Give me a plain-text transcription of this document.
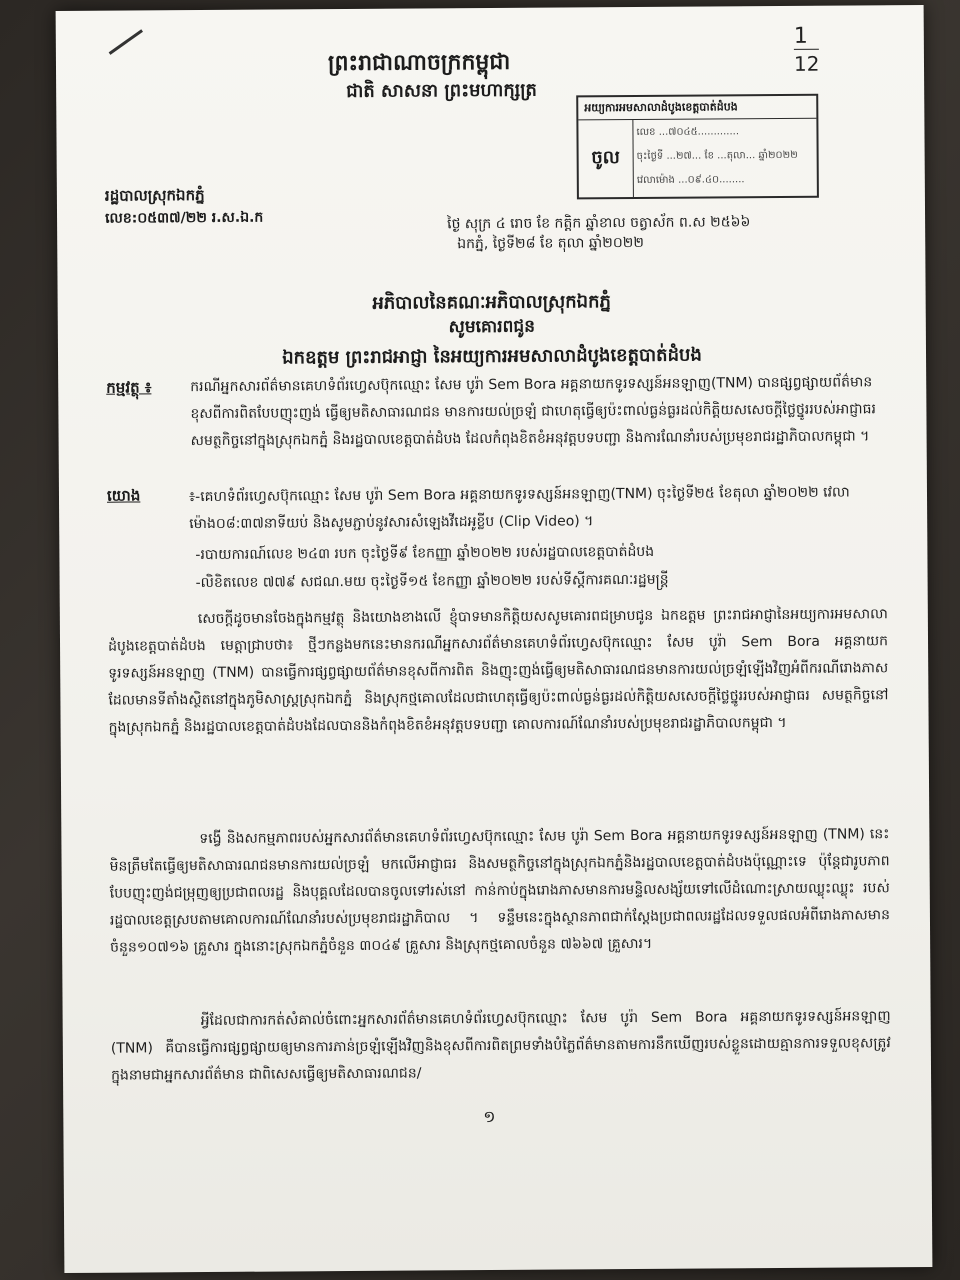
$\frac{1}{12}$
ព្រះរាជាណាចក្រកម្ពុជា
ជាតិ សាសនា ព្រះមហាក្សត្រ
អយ្យការអមសាលាដំបូងខេត្តបាត់ដំបង
ចូល
លេខ ...៧០៤៥.............
ចុះថ្ងៃទី ...២៧... ខែ ...តុលា... ឆ្នាំ២០២២
វេលាម៉ោង ...០៩.៤០........
រដ្ឋបាលស្រុកឯកភ្នំ
លេខ:០៥៣៧/២២ រ.ស.ឯ.ក	ថ្ងៃ សុក្រ ៤ រោច ខែ កត្តិក ឆ្នាំខាល ចត្វាស័ក ព.ស ២៥៦៦
ឯកភ្នំ, ថ្ងៃទី២៨ ខែ តុលា ឆ្នាំ២០២២
អភិបាលនៃគណៈអភិបាលស្រុកឯកភ្នំ
សូមគោរពជូន
ឯកឧត្តម ព្រះរាជអាជ្ញា នៃអយ្យការអមសាលាដំបូងខេត្តបាត់ដំបង
កម្មវត្ថុ ៖	ករណីអ្នកសារព័ត៌មានគេហទំព័រហ្វេសប៊ុកឈ្មោះ សែម បូរ៉ា Sem Bora អគ្គនាយកទូរទស្សន៍អនឡាញ(TNM) បានផ្សព្វផ្សាយព័ត៌មានខុសពីការពិតបែបញុះញង់ ធ្វើឲ្យមតិសាធារណជន មានការយល់ច្រឡំ ជាហេតុធ្វើឲ្យប៉ះពាល់ធ្ងន់ធ្ងរដល់កិត្តិយសសេចក្តីថ្លៃថ្នូររបស់អាជ្ញាធរ សមត្ថកិច្ចនៅក្នុងស្រុកឯកភ្នំ និងរដ្ឋបាលខេត្តបាត់ដំបង ដែលកំពុងខិតខំអនុវត្តបទបញ្ជា និងការណែនាំរបស់ប្រមុខរាជរដ្ឋាភិបាលកម្ពុជា ។
យោង	៖-គេហទំព័រហ្វេសប៊ុកឈ្មោះ សែម បូរ៉ា Sem Bora អគ្គនាយកទូរទស្សន៍អនឡាញ(TNM) ចុះថ្ងៃទី២៥ ខែតុលា ឆ្នាំ២០២២ វេលាម៉ោង០៨:៣៧នាទីយប់ និងសូមភ្ជាប់នូវសារសំឡេងវីដេអូខ្លីប (Clip Video) ។
-របាយការណ៍លេខ ២៤៣ របក ចុះថ្ងៃទី៩ ខែកញ្ញា ឆ្នាំ២០២២ របស់រដ្ឋបាលខេត្តបាត់ដំបង
-លិខិតលេខ ៧៧៩ សជណ.មយ ចុះថ្ងៃទី១៥ ខែកញ្ញា ឆ្នាំ២០២២ របស់ទីស្តីការគណៈរដ្ឋមន្ត្រី
សេចក្តីដូចមានចែងក្នុងកម្មវត្ថុ និងយោងខាងលើ ខ្ញុំបាទមានកិត្តិយសសូមគោរពជម្រាបជូន ឯកឧត្តម ព្រះរាជអាជ្ញានៃអយ្យការអមសាលាដំបូងខេត្តបាត់ដំបង មេត្តាជ្រាបថា៖ ថ្មីៗកន្លងមកនេះមានករណីអ្នកសារព័ត៌មានគេហទំព័រហ្វេសប៊ុកឈ្មោះ សែម បូរ៉ា Sem Bora អគ្គនាយកទូរទស្សន៍អនឡាញ (TNM) បានធ្វើការផ្សព្វផ្សាយព័ត៌មានខុសពីការពិត និងញុះញង់ធ្វើឲ្យមតិសាធារណជនមានការយល់ច្រឡំឡើងវិញអំពីករណីរោងភាសដែលមានទីតាំងស្ថិតនៅក្នុងភូមិសាស្ត្រស្រុកឯកភ្នំ និងស្រុកថ្មគោលដែលជាហេតុធ្វើឲ្យប៉ះពាល់ធ្ងន់ធ្ងរដល់កិត្តិយសសេចក្តីថ្លៃថ្នូររបស់អាជ្ញាធរ សមត្ថកិច្ចនៅក្នុងស្រុកឯកភ្នំ និងរដ្ឋបាលខេត្តបាត់ដំបងដែលបាននិងកំពុងខិតខំអនុវត្តបទបញ្ជា គោលការណ៍ណែនាំរបស់ប្រមុខរាជរដ្ឋាភិបាលកម្ពុជា ។
ទង្វើ និងសកម្មភាពរបស់អ្នកសារព័ត៌មានគេហទំព័រហ្វេសប៊ុកឈ្មោះ សែម បូរ៉ា Sem Bora អគ្គនាយកទូរទស្សន៍អនឡាញ (TNM) នេះមិនត្រឹមតែធ្វើឲ្យមតិសាធារណជនមានការយល់ច្រឡំ មកលើអាជ្ញាធរ និងសមត្ថកិច្ចនៅក្នុងស្រុកឯកភ្នំនិងរដ្ឋបាលខេត្តបាត់ដំបងប៉ុណ្ណោះទេ ប៉ុន្តែជារូបភាពបែបញុះញង់ជម្រុញឲ្យប្រជាពលរដ្ឋ និងបុគ្គលដែលបានចូលទៅរស់នៅ កាន់កាប់ក្នុងរោងភាសមានការមន្ទិលសង្ស័យទៅលើដំណោះស្រាយឈ្លុះឈ្លុះ របស់រដ្ឋបាលខេត្តស្របតាមគោលការណ៍ណែនាំរបស់ប្រមុខរាជរដ្ឋាភិបាល ។ ទន្ទឹមនេះក្នុងស្ថានភាពជាក់ស្តែងប្រជាពលរដ្ឋដែលទទួលផលអំពីរោងភាសមានចំនួន១០៧១៦ គ្រួសារ ក្នុងនោះស្រុកឯកភ្នំចំនួន ៣០៤៩ គ្រួសារ និងស្រុកថ្មគោលចំនួន ៧៦៦៧ គ្រួសារ។
អ្វីដែលជាការកត់សំគាល់ចំពោះអ្នកសារព័ត៌មានគេហទំព័រហ្វេសប៊ុកឈ្មោះ សែម បូរ៉ា Sem Bora អគ្គនាយកទូរទស្សន៍អនឡាញ (TNM) គឺបានធ្វើការផ្សព្វផ្សាយឲ្យមានការភាន់ច្រឡំឡើងវិញនិងខុសពីការពិតព្រមទាំងបំភ្លៃព័ត៌មានតាមការនឹកឃើញរបស់ខ្លួនដោយគ្មានការទទួលខុសត្រូវក្នុងនាមជាអ្នកសារព័ត៌មាន ជាពិសេសធ្វើឲ្យមតិសាធារណជន/
១
